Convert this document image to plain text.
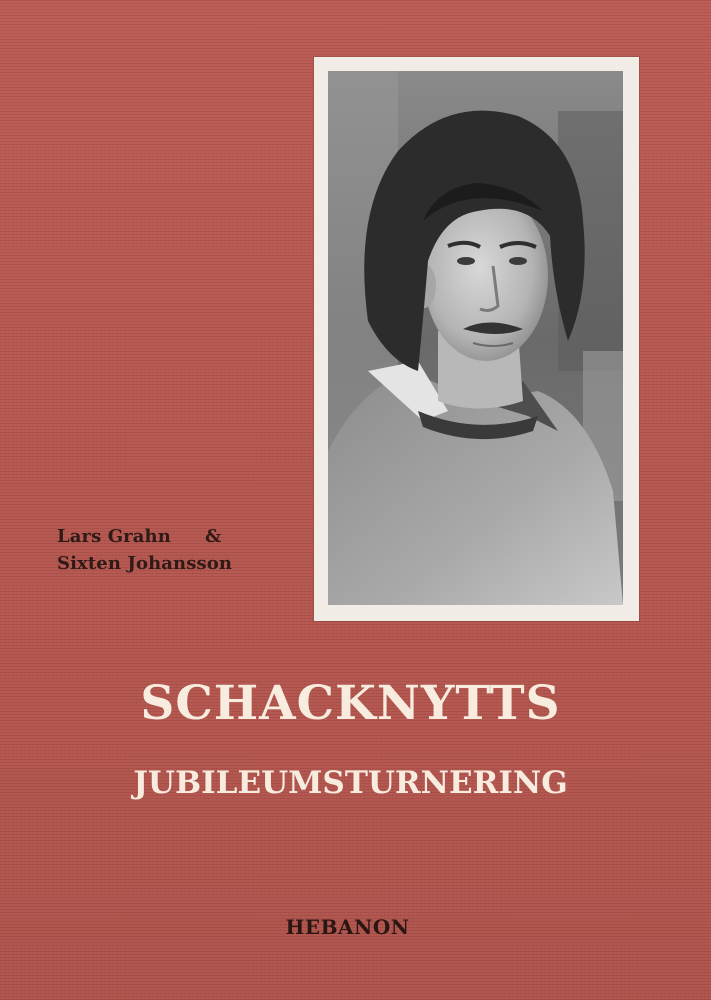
Lars Grahn &
Sixten Johansson
SCHACKNYTTS
JUBILEUMSTURNERING
HEBANON
